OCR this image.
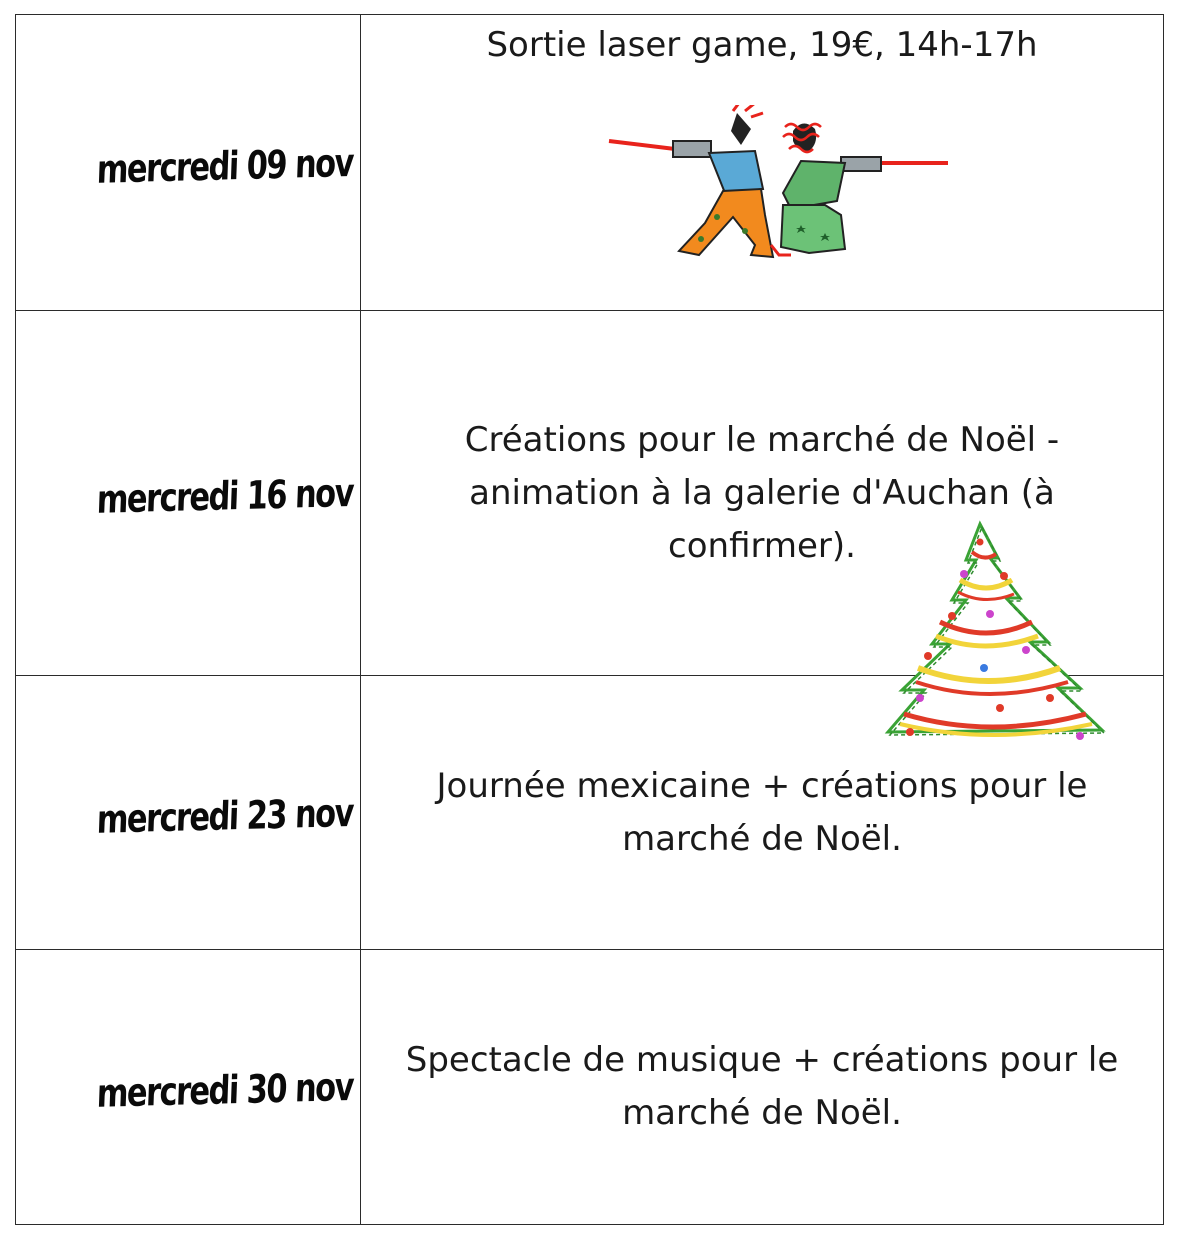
mercredi 09 nov	Sortie laser game, 19€, 14h-17h
mercredi 16 nov	Créations pour le marché de Noël - animation à la galerie d'Auchan (à confirmer).
mercredi 23 nov	Journée mexicaine + créations pour le marché de Noël.
mercredi 30 nov	Spectacle de musique + créations pour le marché de Noël.
